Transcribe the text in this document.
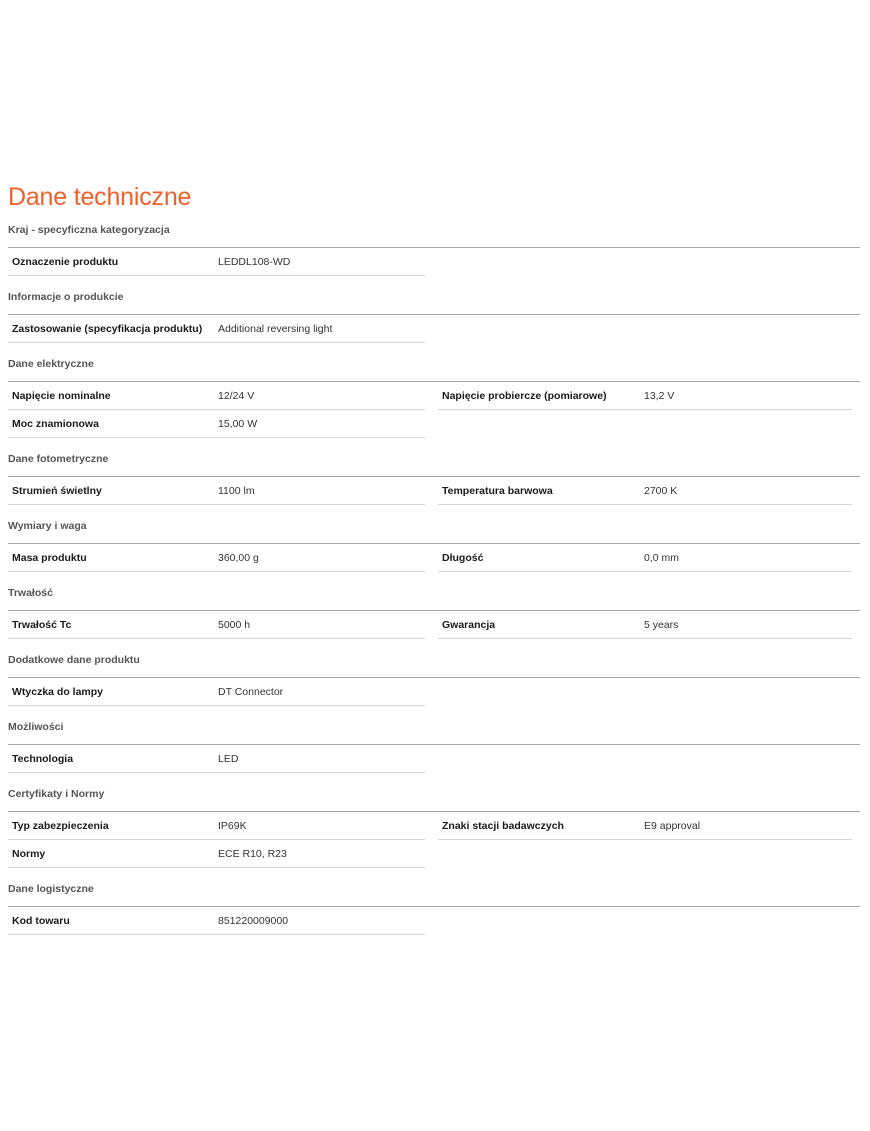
Dane techniczne
Kraj - specyficzna kategoryzacja
Oznaczenie produktu	LEDDL108-WD
Informacje o produkcie
Zastosowanie (specyfikacja produktu)	Additional reversing light
Dane elektryczne
Napięcie nominalne	12/24 V	Napięcie probiercze (pomiarowe)	13,2 V
Moc znamionowa	15,00 W
Dane fotometryczne
Strumień świetlny	1100 lm	Temperatura barwowa	2700 K
Wymiary i waga
Masa produktu	360,00 g	Długość	0,0 mm
Trwałość
Trwałość Tc	5000 h	Gwarancja	5 years
Dodatkowe dane produktu
Wtyczka do lampy	DT Connector
Możliwości
Technologia	LED
Certyfikaty i Normy
Typ zabezpieczenia	IP69K	Znaki stacji badawczych	E9 approval
Normy	ECE R10, R23
Dane logistyczne
Kod towaru	851220009000
